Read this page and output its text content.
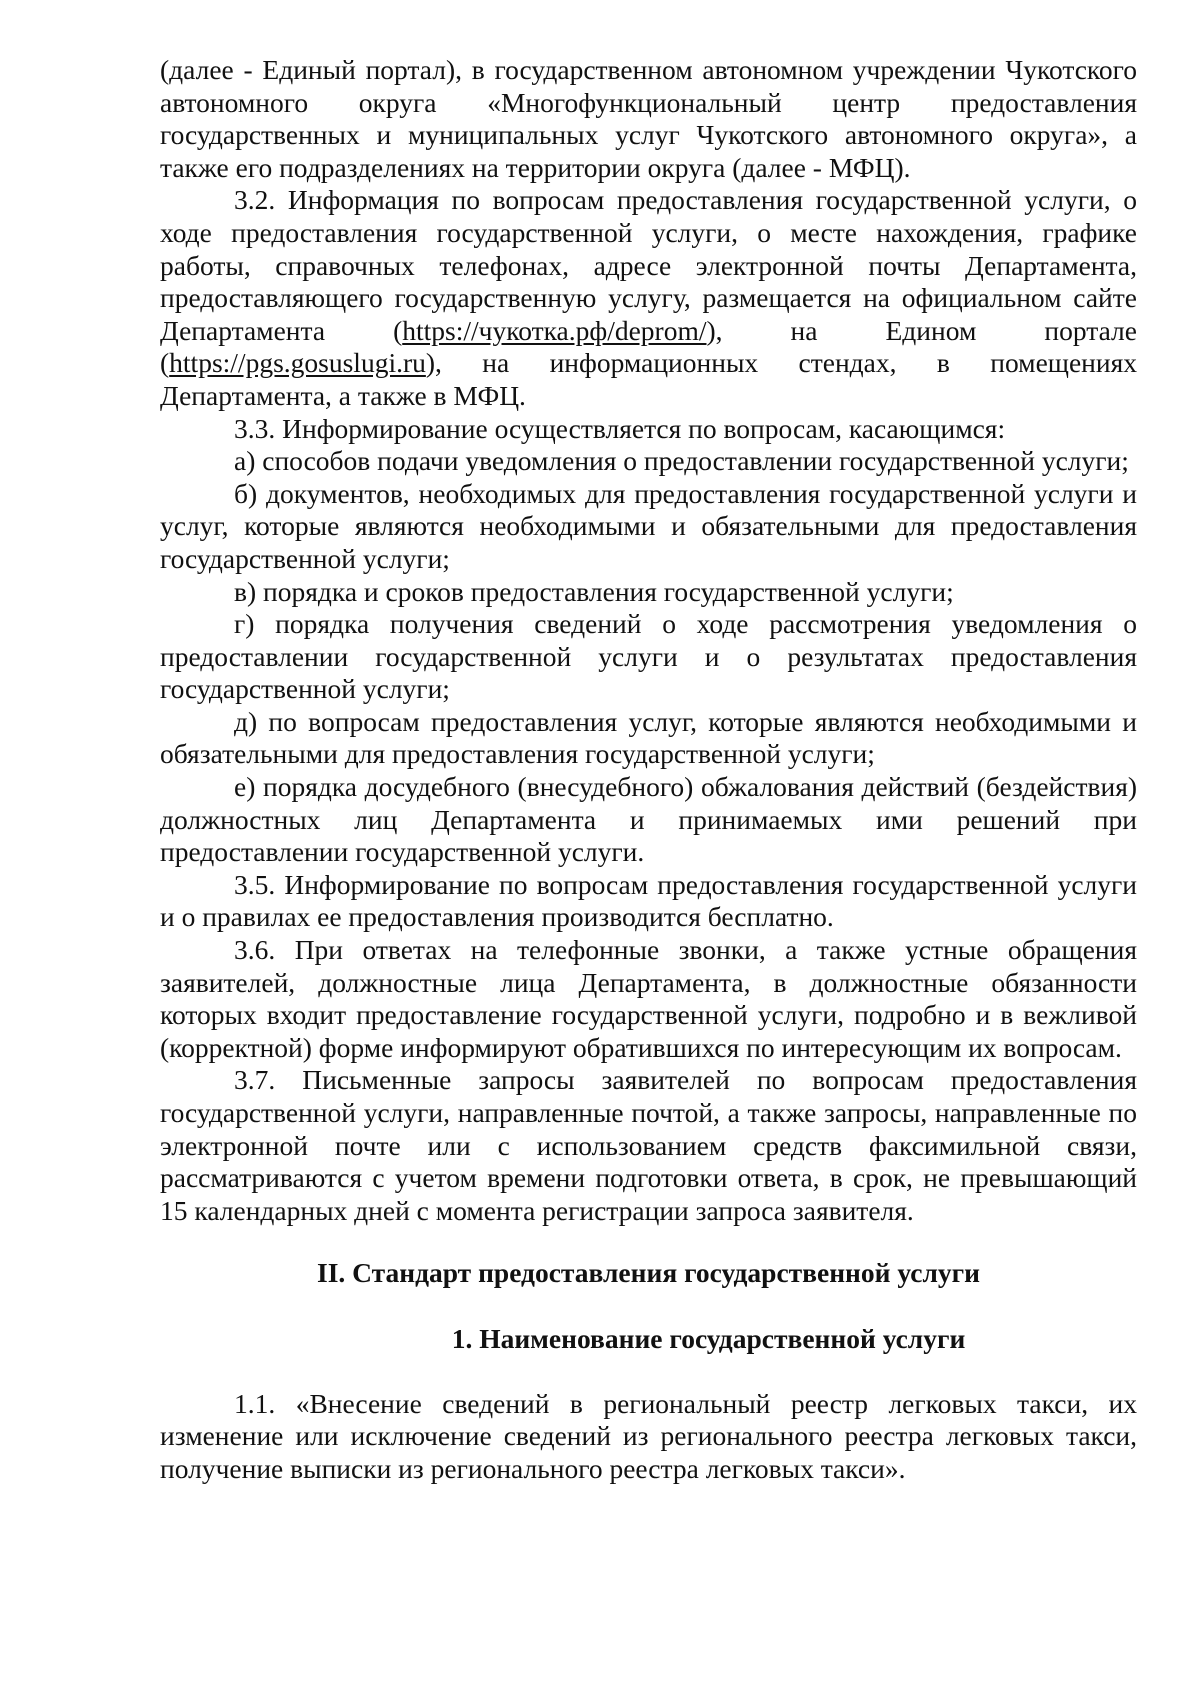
(далее - Единый портал), в государственном автономном учреждении Чукотского автономного округа «Многофункциональный центр предоставления государственных и муниципальных услуг Чукотского автономного округа», а также его подразделениях на территории округа (далее - МФЦ).

3.2. Информация по вопросам предоставления государственной услуги, о ходе предоставления государственной услуги, о месте нахождения, графике работы, справочных телефонах, адресе электронной почты Департамента, предоставляющего государственную услугу, размещается на официальном сайте Департамента (https://чукотка.рф/deprom/), на Едином портале (https://pgs.gosuslugi.ru), на информационных стендах, в помещениях Департамента, а также в МФЦ.

3.3. Информирование осуществляется по вопросам, касающимся:

а) способов подачи уведомления о предоставлении государственной услуги;

б) документов, необходимых для предоставления государственной услуги и услуг, которые являются необходимыми и обязательными для предоставления государственной услуги;

в) порядка и сроков предоставления государственной услуги;

г) порядка получения сведений о ходе рассмотрения уведомления о предоставлении государственной услуги и о результатах предоставления государственной услуги;

д) по вопросам предоставления услуг, которые являются необходимыми и обязательными для предоставления государственной услуги;

е) порядка досудебного (внесудебного) обжалования действий (бездействия) должностных лиц Департамента и принимаемых ими решений при предоставлении государственной услуги.

3.5. Информирование по вопросам предоставления государственной услуги и о правилах ее предоставления производится бесплатно.

3.6. При ответах на телефонные звонки, а также устные обращения заявителей, должностные лица Департамента, в должностные обязанности которых входит предоставление государственной услуги, подробно и в вежливой (корректной) форме информируют обратившихся по интересующим их вопросам.

3.7. Письменные запросы заявителей по вопросам предоставления государственной услуги, направленные почтой, а также запросы, направленные по электронной почте или с использованием средств факсимильной связи, рассматриваются с учетом времени подготовки ответа, в срок, не превышающий 15 календарных дней с момента регистрации запроса заявителя.

II. Стандарт предоставления государственной услуги

1. Наименование государственной услуги

1.1. «Внесение сведений в региональный реестр легковых такси, их изменение или исключение сведений из регионального реестра легковых такси, получение выписки из регионального реестра легковых такси».
